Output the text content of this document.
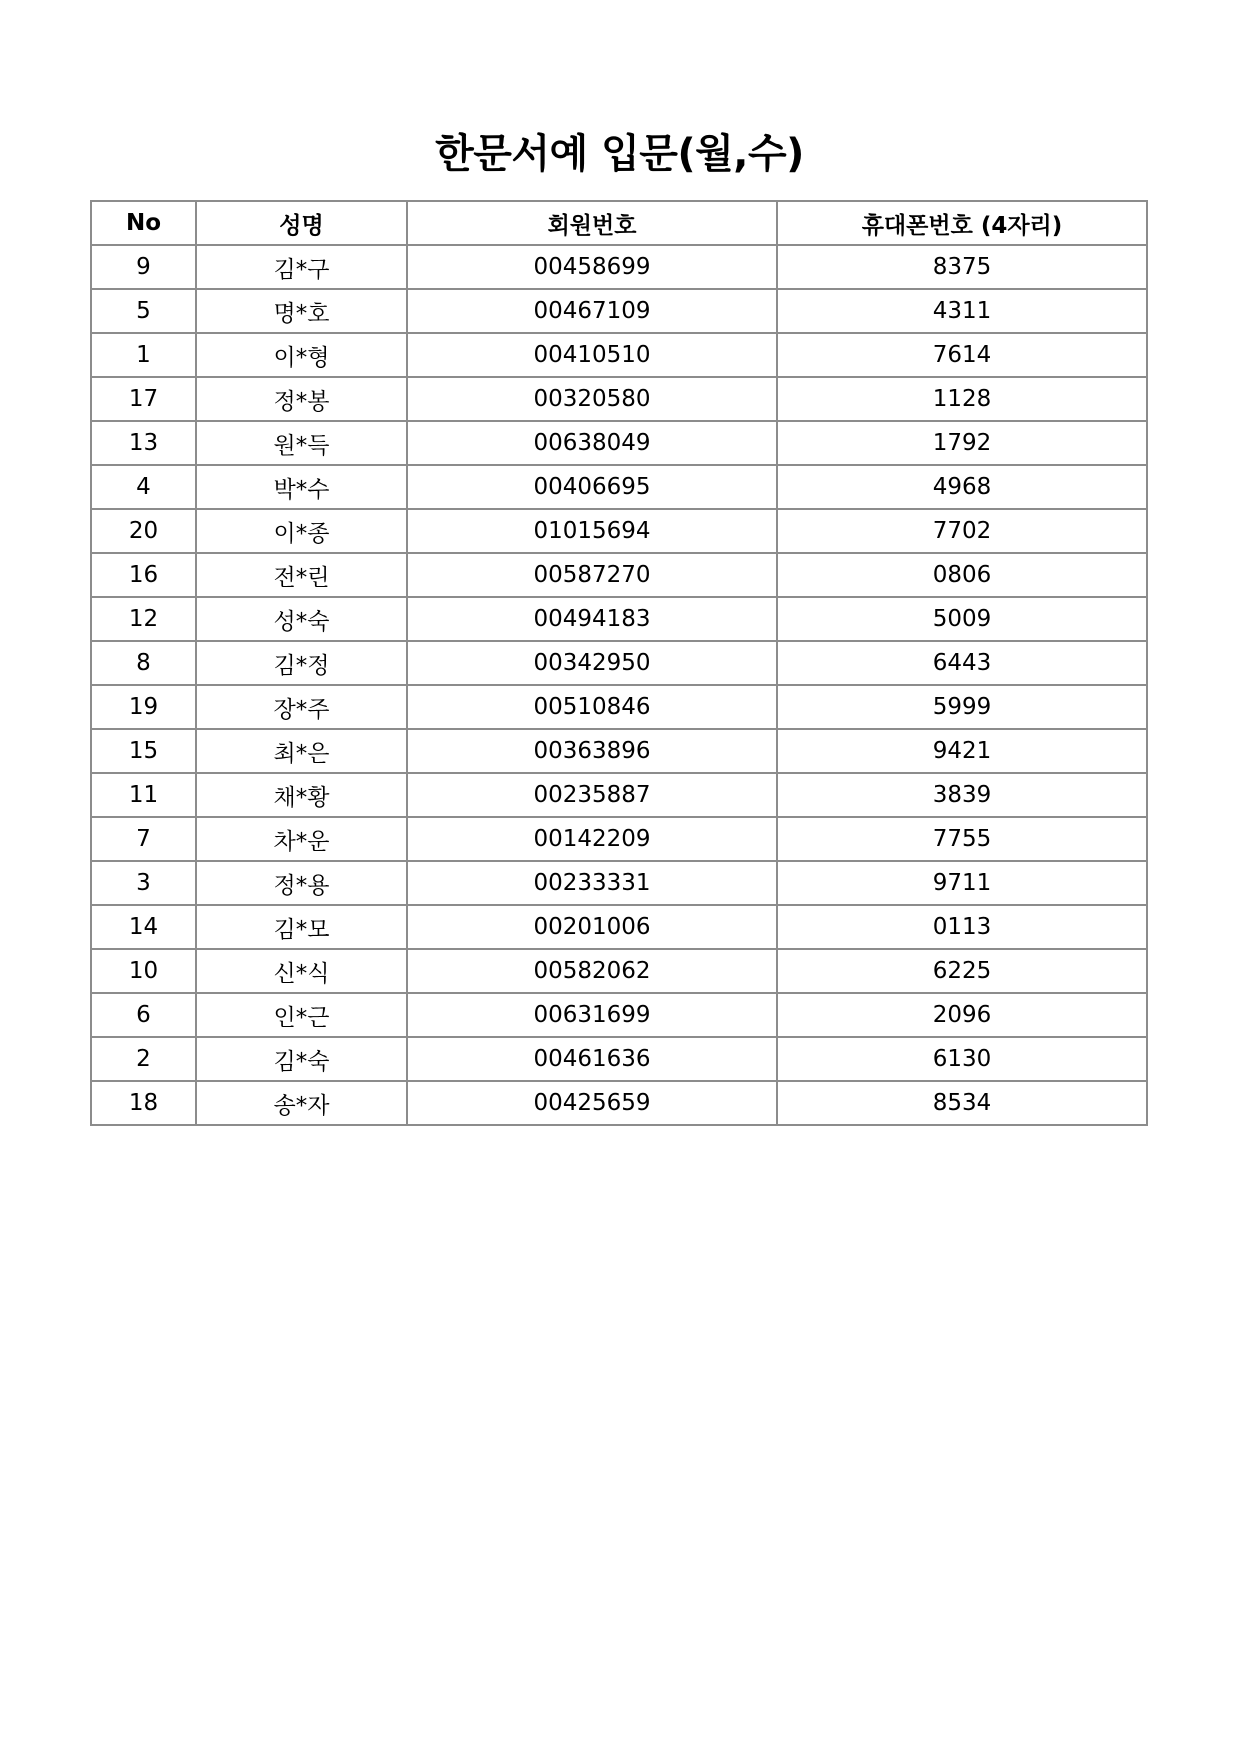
한문서예 입문(월,수)
No	성명	회원번호	휴대폰번호 (4자리)
9	김*구	00458699	8375
5	명*호	00467109	4311
1	이*형	00410510	7614
17	정*봉	00320580	1128
13	원*득	00638049	1792
4	박*수	00406695	4968
20	이*종	01015694	7702
16	전*린	00587270	0806
12	성*숙	00494183	5009
8	김*정	00342950	6443
19	장*주	00510846	5999
15	최*은	00363896	9421
11	채*황	00235887	3839
7	차*운	00142209	7755
3	정*용	00233331	9711
14	김*모	00201006	0113
10	신*식	00582062	6225
6	인*근	00631699	2096
2	김*숙	00461636	6130
18	송*자	00425659	8534
